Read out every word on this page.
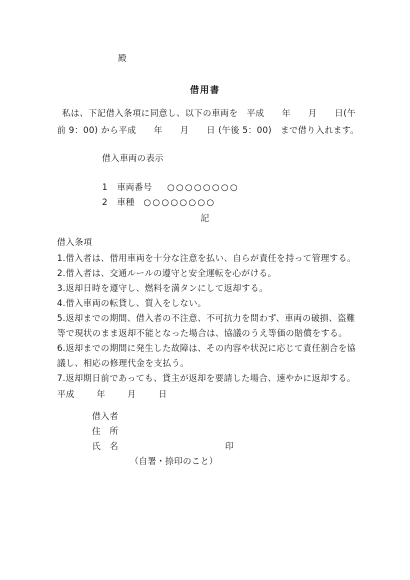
殿
借用書
私は、下記借入条項に同意し、以下の車両を　平成　　年　　月　　日(午
前 9：00) から平成　　年　　月　　日 (午後 5：00)　まで借り入れます。
借入車両の表示
1 車両番号 ○○○○○○○○
2 車種 ○○○○○○○○
記
借入条項
1.借入者は、借用車両を十分な注意を払い、自らが責任を持って管理する。
2.借入者は、交通ルールの遵守と安全運転を心がける。
3.返却日時を遵守し、燃料を満タンにして返却する。
4.借入車両の転貸し、質入をしない。
5.返却までの期間、借入者の不注意、不可抗力を問わず、車両の破損、盗難
等で現状のまま返却不能となった場合は、協議のうえ等価の賠償をする。
6.返却までの期間に発生した故障は、その内容や状況に応じて責任割合を協
議し、相応の修理代金を支払う。
7.返却期日前であっても、貸主が返却を要請した場合、速やかに返却する。
平成	年	月	日
借入者
住　所
氏　名	印
（自署・捺印のこと）
